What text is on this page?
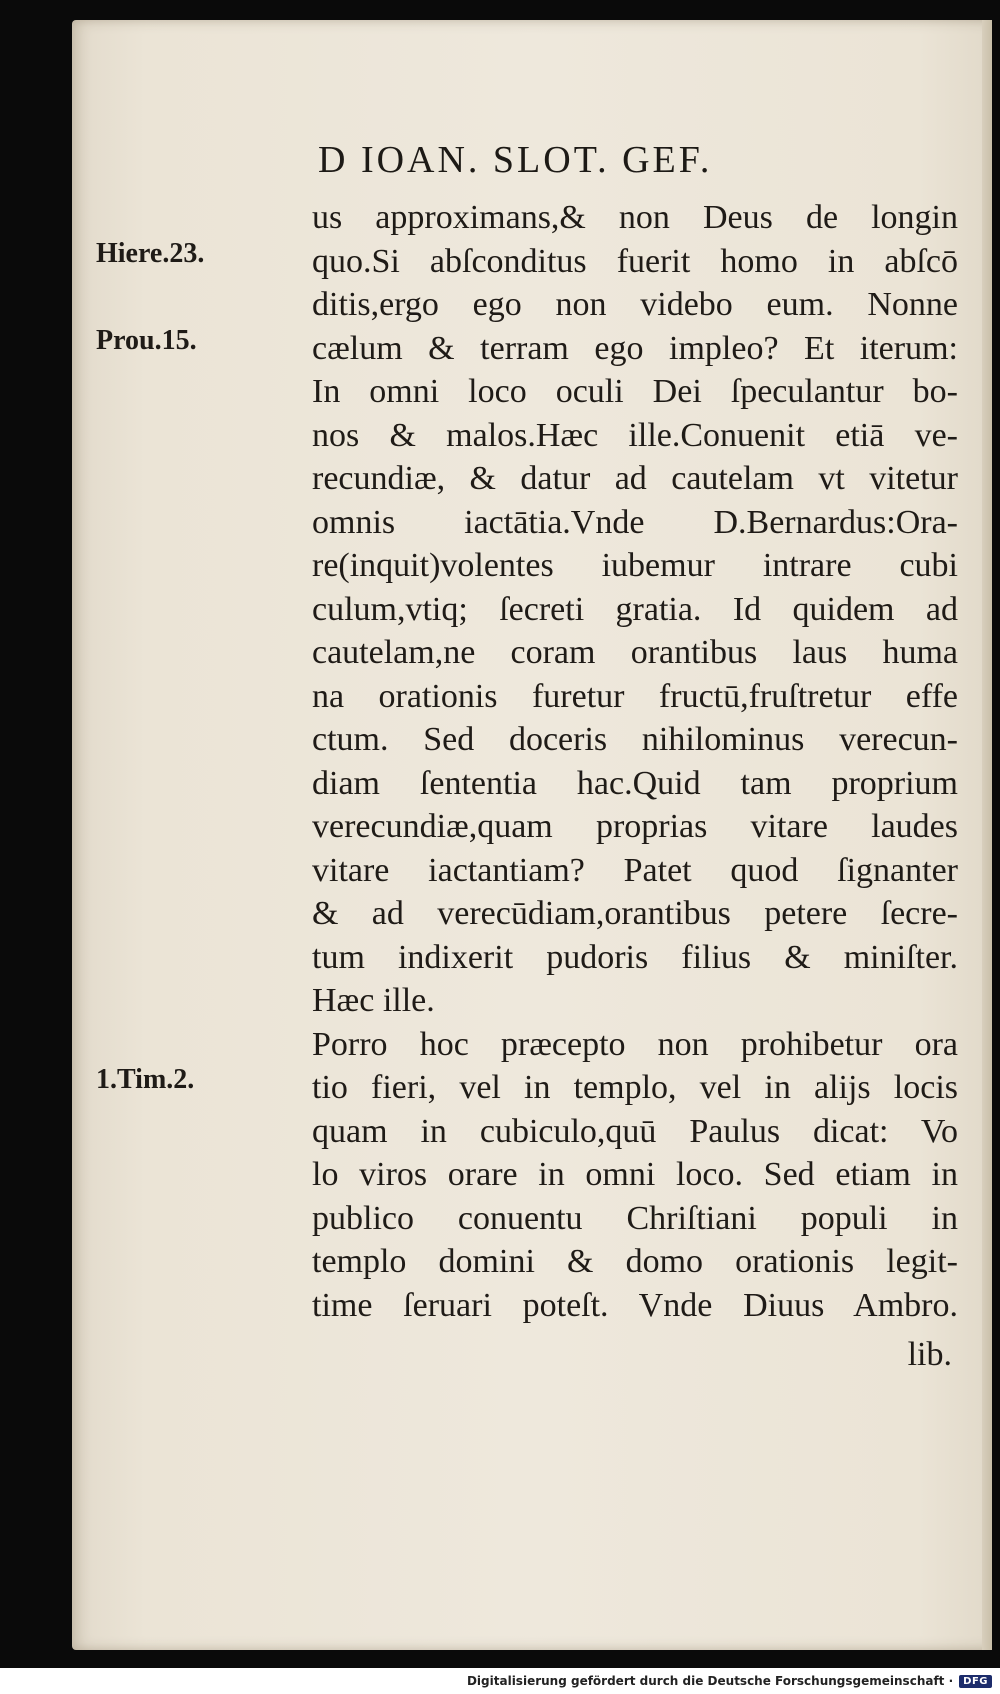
D IOAN. SLOT. GEF.
Hiere.23.
Prou.15.
1.Tim.2.
us approximans,& non Deus de longin
quo.Si abſconditus fuerit homo in abſcō
ditis,ergo ego non videbo eum. Nonne
cælum & terram ego impleo? Et iterum:
In omni loco oculi Dei ſpeculantur bo-
nos & malos.Hæc ille.Conuenit etiā ve-
recundiæ, & datur ad cautelam vt vitetur
omnis iactātia.Vnde D.Bernardus:Ora-
re(inquit)volentes iubemur intrare cubi
culum,vtiq; ſecreti gratia. Id quidem ad
cautelam,ne coram orantibus laus huma
na orationis furetur fructū,fruſtretur effe
ctum. Sed doceris nihilominus verecun-
diam ſententia hac.Quid tam proprium
verecundiæ,quam proprias vitare laudes
vitare iactantiam? Patet quod ſignanter
& ad verecūdiam,orantibus petere ſecre-
tum indixerit pudoris filius & miniſter.
Hæc ille.
Porro hoc præcepto non prohibetur ora
tio fieri, vel in templo, vel in alijs locis
quam in cubiculo,quū Paulus dicat: Vo
lo viros orare in omni loco. Sed etiam in
publico conuentu Chriſtiani populi in
templo domini & domo orationis legit-
time ſeruari poteſt. Vnde Diuus Ambro.
lib.
Digitalisierung gefördert durch die Deutsche Forschungsgemeinschaft ·	DFG
